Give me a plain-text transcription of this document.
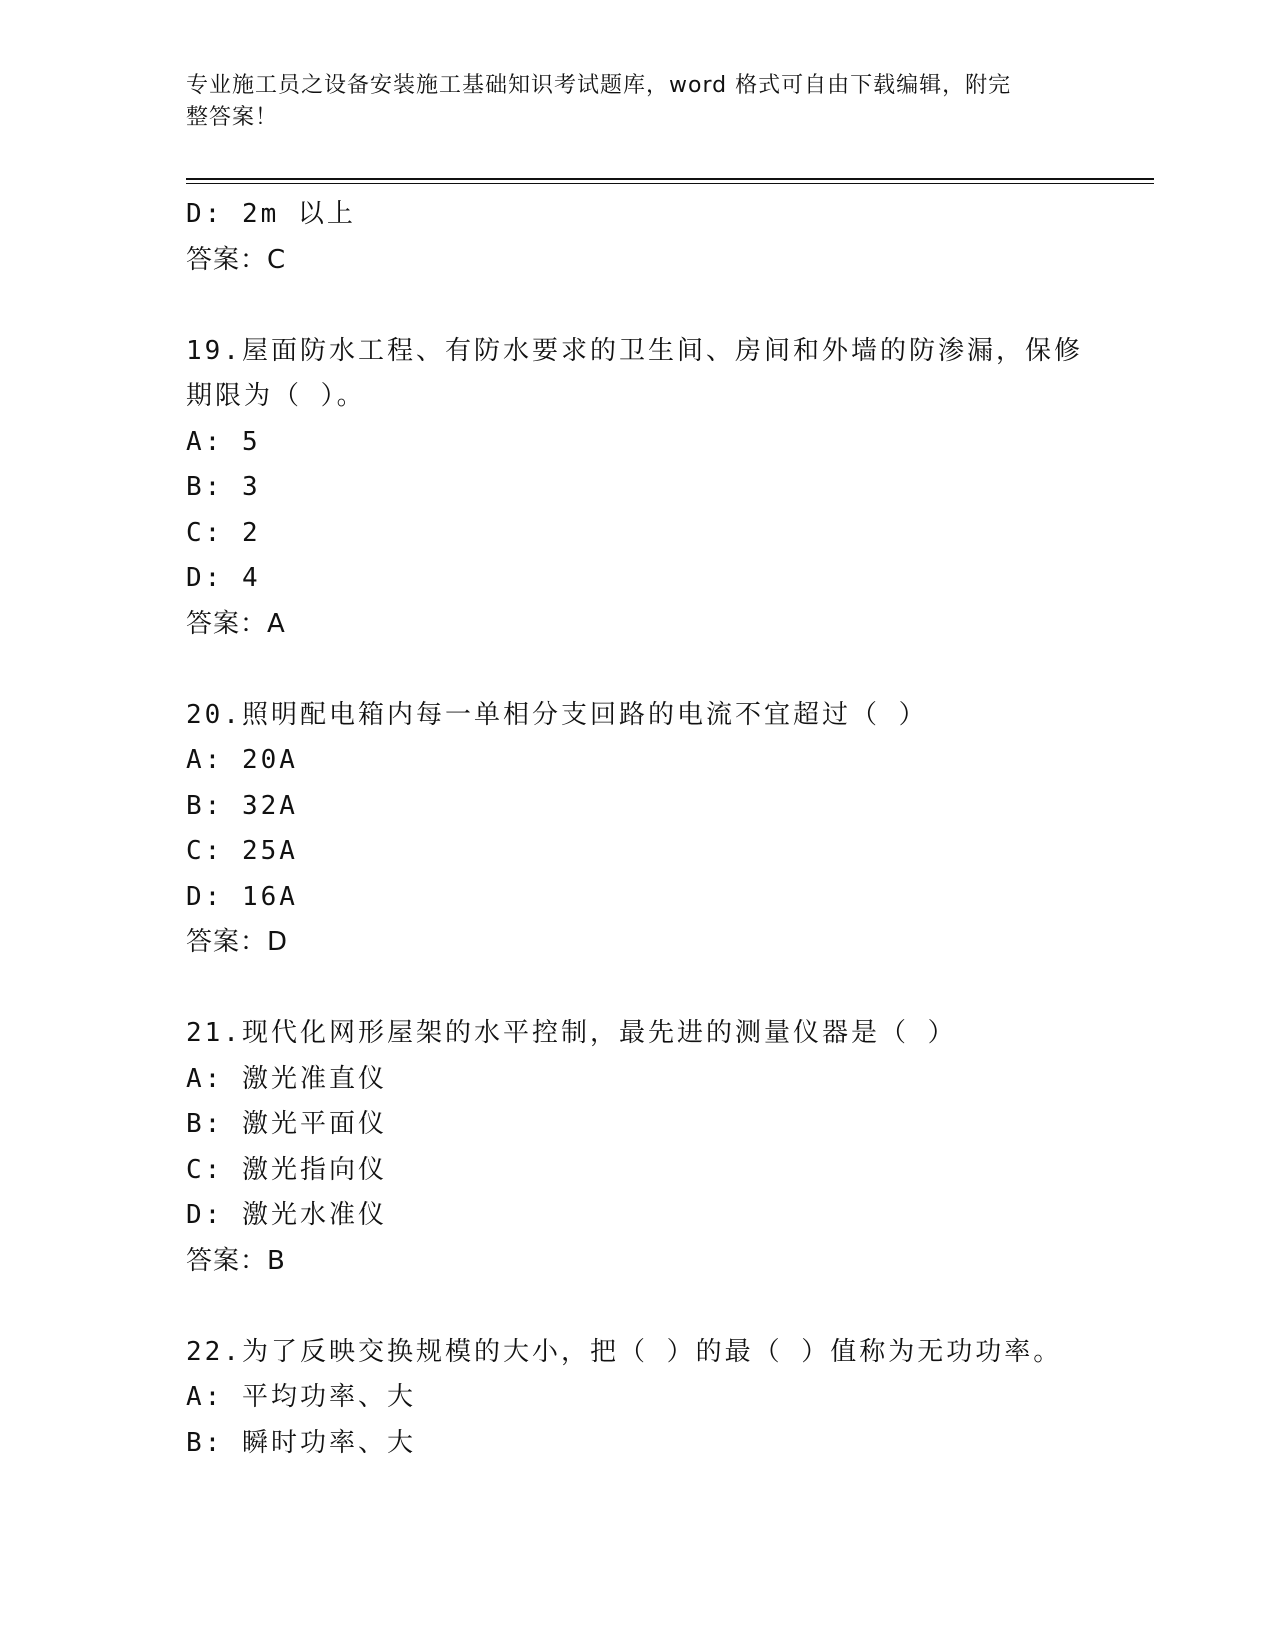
专业施工员之设备安装施工基础知识考试题库，word 格式可自由下载编辑，附完
整答案！
D: 2m 以上
答案：C
19.屋面防水工程、有防水要求的卫生间、房间和外墙的防渗漏，保修
期限为（ ）。
A: 5
B: 3
C: 2
D: 4
答案：A
20.照明配电箱内每一单相分支回路的电流不宜超过（ ）
A: 20A
B: 32A
C: 25A
D: 16A
答案：D
21.现代化网形屋架的水平控制，最先进的测量仪器是（ ）
A: 激光准直仪
B: 激光平面仪
C: 激光指向仪
D: 激光水准仪
答案：B
22.为了反映交换规模的大小，把（ ）的最（ ）值称为无功功率。
A: 平均功率、大
B: 瞬时功率、大
